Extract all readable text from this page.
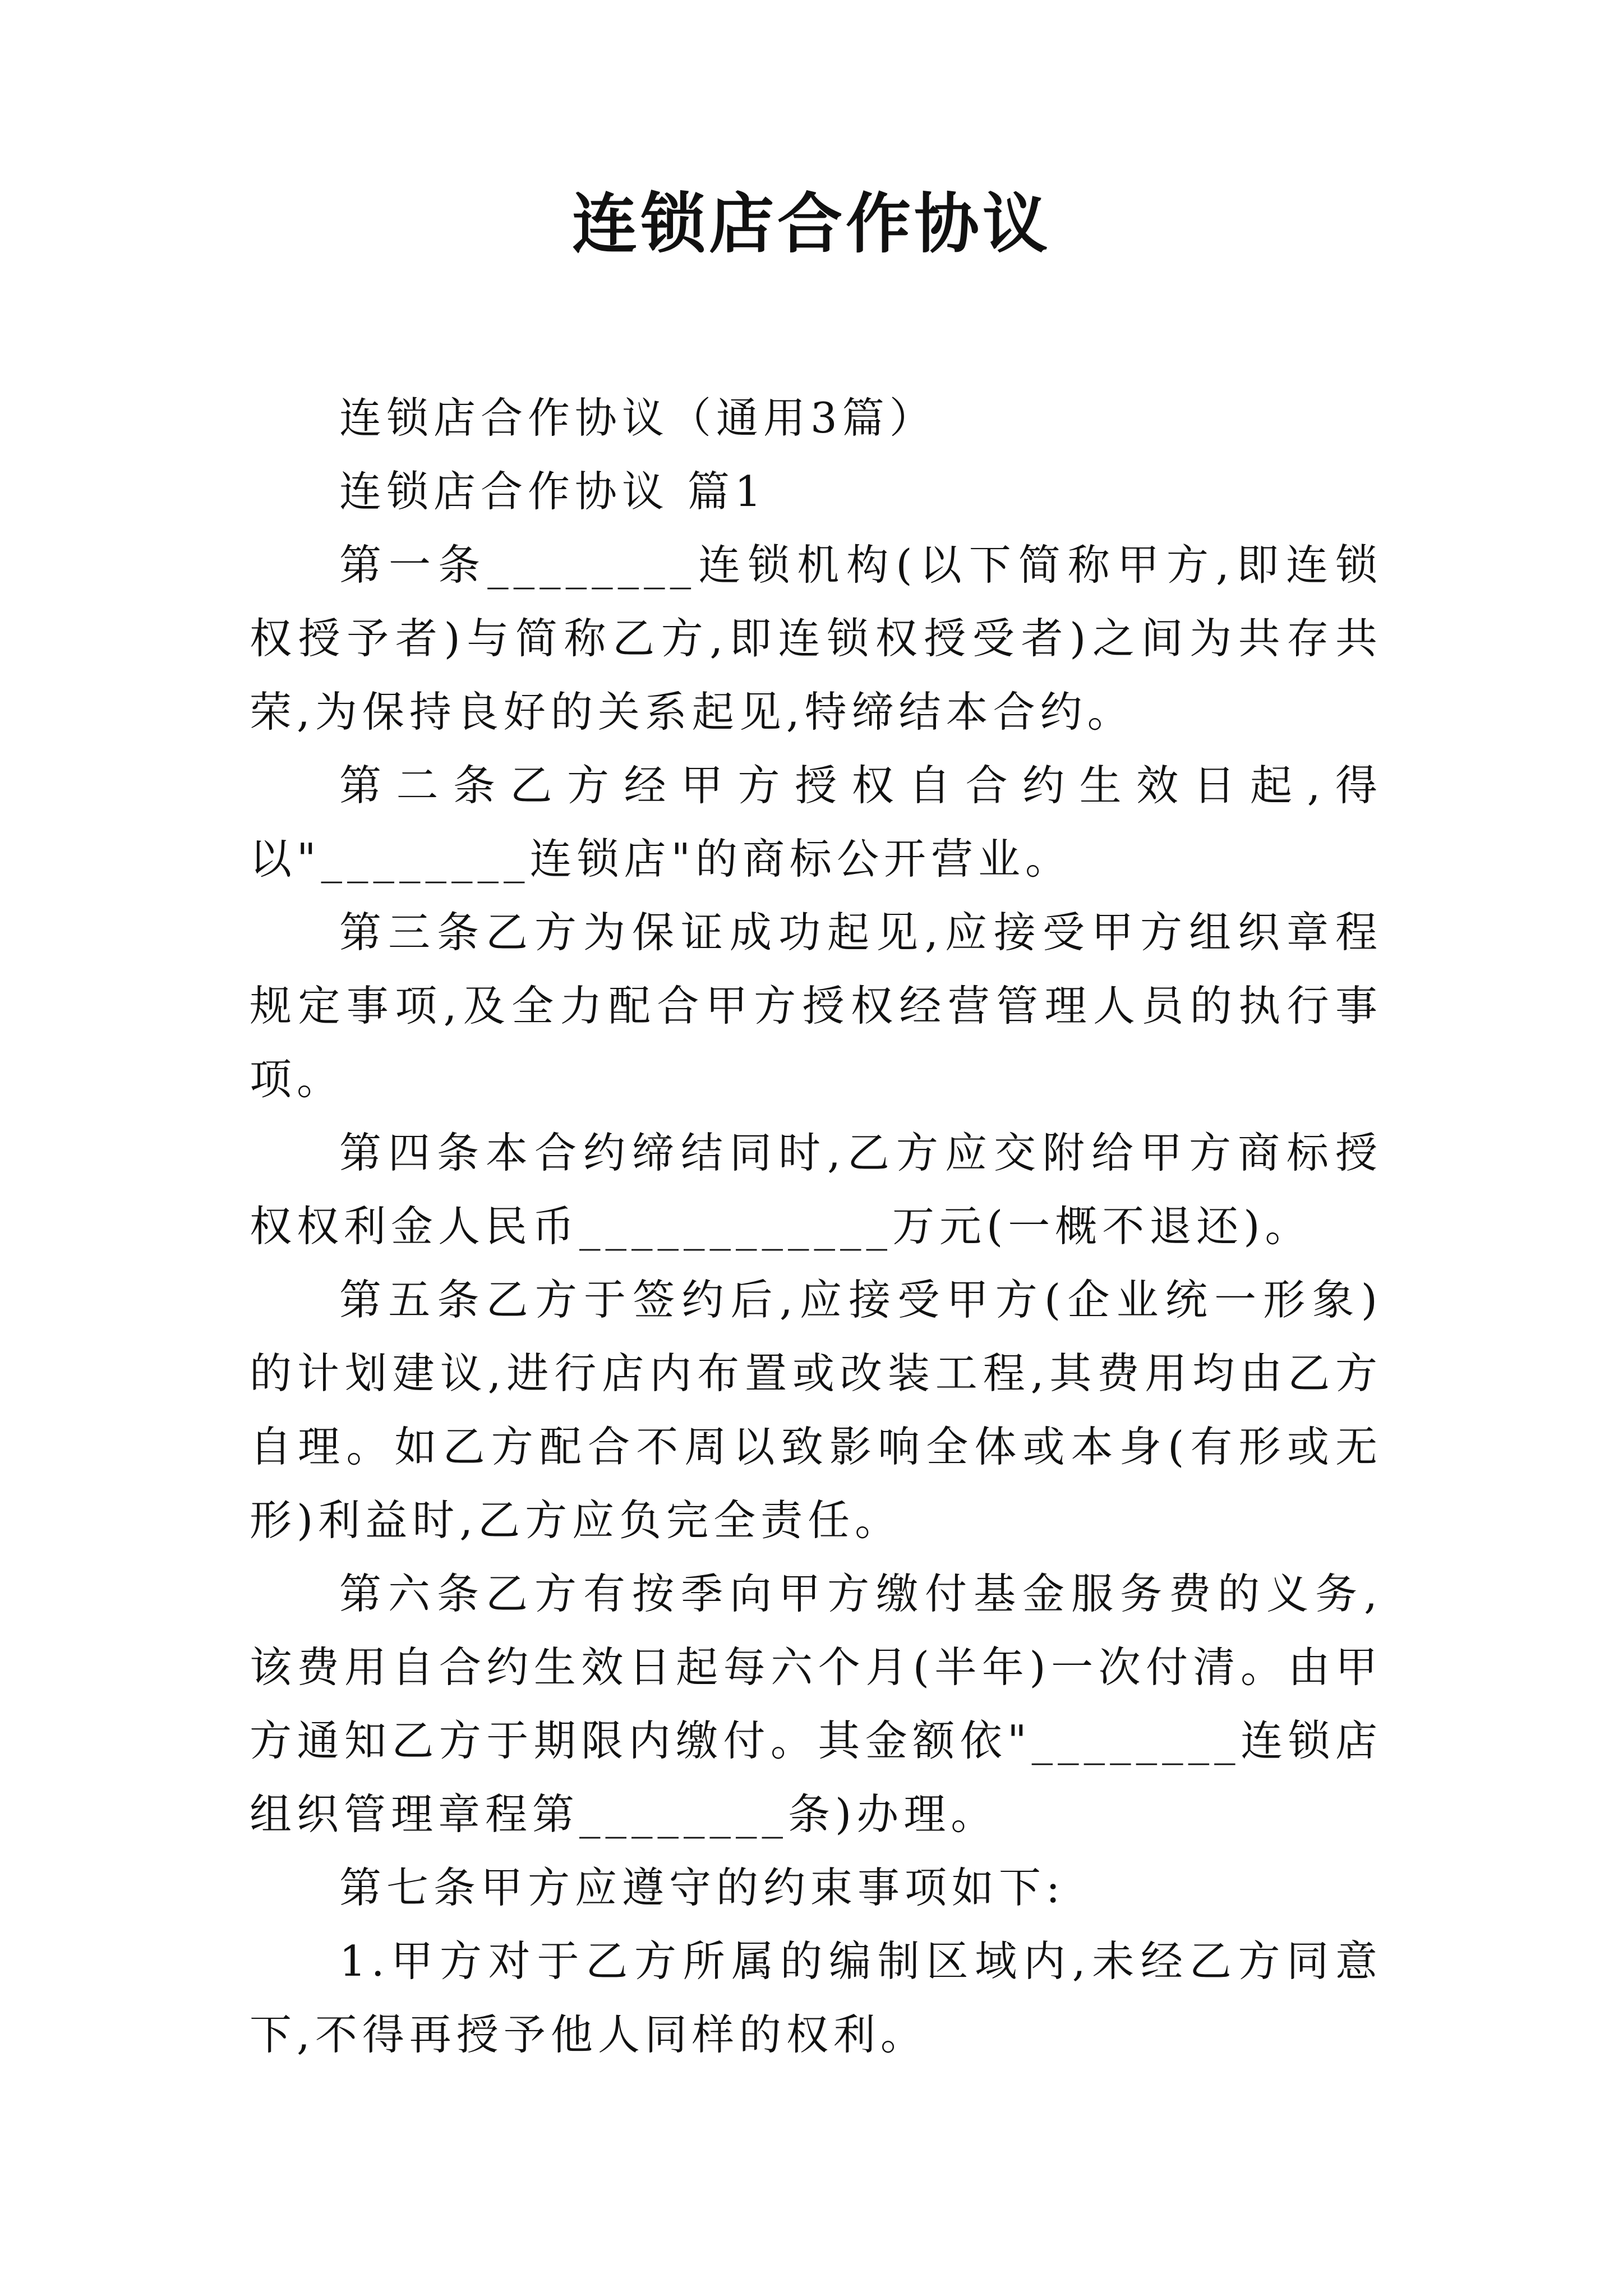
连锁店合作协议

连锁店合作协议（通用3篇）

连锁店合作协议 篇1

第一条________连锁机构(以下简称甲方,即连锁权授予者)与简称乙方,即连锁权授受者)之间为共存共荣,为保持良好的关系起见,特缔结本合约。

第二条乙方经甲方授权自合约生效日起,得以"________连锁店"的商标公开营业。

第三条乙方为保证成功起见,应接受甲方组织章程规定事项,及全力配合甲方授权经营管理人员的执行事项。

第四条本合约缔结同时,乙方应交附给甲方商标授权权利金人民币____________万元(一概不退还)。

第五条乙方于签约后,应接受甲方(企业统一形象)的计划建议,进行店内布置或改装工程,其费用均由乙方自理。如乙方配合不周以致影响全体或本身(有形或无形)利益时,乙方应负完全责任。

第六条乙方有按季向甲方缴付基金服务费的义务,该费用自合约生效日起每六个月(半年)一次付清。由甲方通知乙方于期限内缴付。其金额依"________连锁店组织管理章程第________条)办理。

第七条甲方应遵守的约束事项如下:

1.甲方对于乙方所属的编制区域内,未经乙方同意下,不得再授予他人同样的权利。
